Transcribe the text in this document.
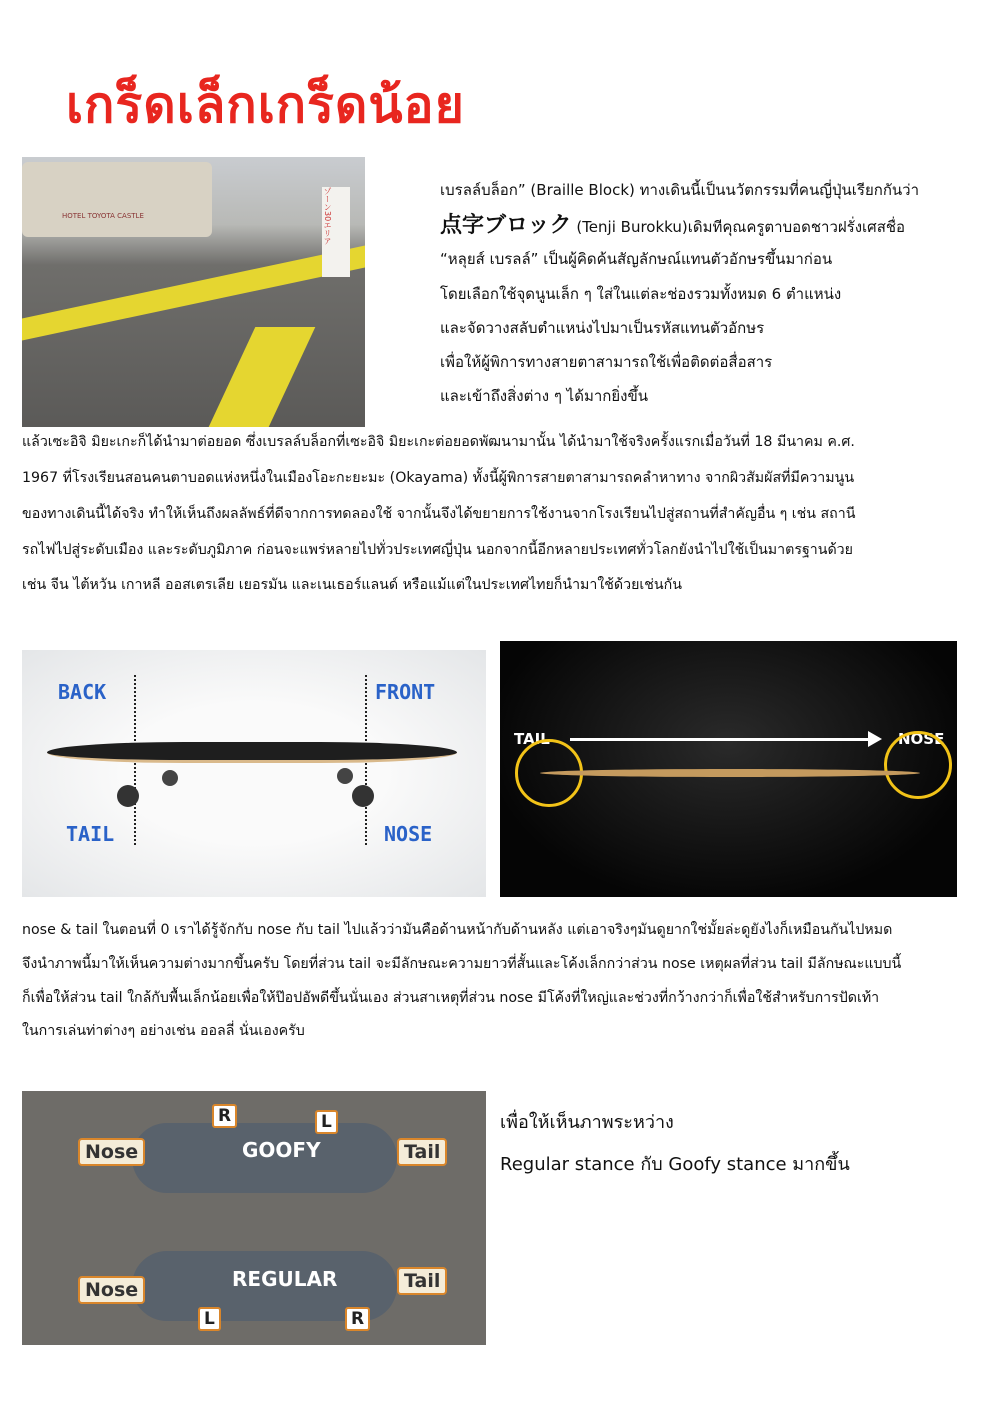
เกร็ดเล็กเกร็ดน้อย
HOTEL TOYOTA CASTLE	ゾーン30エリア	เบรลล์บล็อก” (Braille Block) ทางเดินนี้เป็นนวัตกรรมที่คนญี่ปุ่นเรียกกันว่า
点字ブロック (Tenji Burokku)เดิมทีคุณครูตาบอดชาวฝรั่งเศสชื่อ
“หลุยส์ เบรลล์” เป็นผู้คิดค้นสัญลักษณ์แทนตัวอักษรขึ้นมาก่อน
โดยเลือกใช้จุดนูนเล็ก ๆ ใส่ในแต่ละช่องรวมทั้งหมด 6 ตำแหน่ง
และจัดวางสลับตำแหน่งไปมาเป็นรหัสแทนตัวอักษร
เพื่อให้ผู้พิการทางสายตาสามารถใช้เพื่อติดต่อสื่อสาร
และเข้าถึงสิ่งต่าง ๆ ได้มากยิ่งขึ้น
แล้วเซะอิจิ มิยะเกะก็ได้นำมาต่อยอด ซึ่งเบรลล์บล็อกที่เซะอิจิ มิยะเกะต่อยอดพัฒนามานั้น ได้นำมาใช้จริงครั้งแรกเมื่อวันที่ 18 มีนาคม ค.ศ.
1967 ที่โรงเรียนสอนคนตาบอดแห่งหนึ่งในเมืองโอะกะยะมะ (Okayama) ทั้งนี้ผู้พิการสายตาสามารถคลำหาทาง จากผิวสัมผัสที่มีความนูน
ของทางเดินนี้ได้จริง ทำให้เห็นถึงผลลัพธ์ที่ดีจากการทดลองใช้ จากนั้นจึงได้ขยายการใช้งานจากโรงเรียนไปสู่สถานที่สำคัญอื่น ๆ เช่น สถานี
รถไฟไปสู่ระดับเมือง และระดับภูมิภาค ก่อนจะแพร่หลายไปทั่วประเทศญี่ปุ่น นอกจากนี้อีกหลายประเทศทั่วโลกยังนำไปใช้เป็นมาตรฐานด้วย
เช่น จีน ไต้หวัน เกาหลี ออสเตรเลีย เยอรมัน และเนเธอร์แลนด์ หรือแม้แต่ในประเทศไทยก็นำมาใช้ด้วยเช่นกัน
BACK	FRONT
TAIL	NOSE
TAIL	NOSE
nose & tail ในตอนที่ 0 เราได้รู้จักกับ nose กับ tail ไปแล้วว่ามันคือด้านหน้ากับด้านหลัง แต่เอาจริงๆมันดูยากใช่มั้ยล่ะดูยังไงก็เหมือนกันไปหมด
จึงนำภาพนี้มาให้เห็นความต่างมากขึ้นครับ โดยที่ส่วน tail จะมีลักษณะความยาวที่สั้นและโค้งเล็กกว่าส่วน nose เหตุผลที่ส่วน tail มีลักษณะแบบนี้
ก็เพื่อให้ส่วน tail ใกล้กับพื้นเล็กน้อยเพื่อให้ป๊อปอัพดีขึ้นนั่นเอง ส่วนสาเหตุที่ส่วน nose มีโค้งที่ใหญ่และช่วงที่กว้างกว่าก็เพื่อใช้สำหรับการปัดเท้า
ในการเล่นท่าต่างๆ อย่างเช่น ออลลี่ นั่นเองครับ
GOOFY
REGULAR
Nose	Tail
Nose	Tail
R	L
L	R
เพื่อให้เห็นภาพระหว่าง
Regular stance กับ Goofy stance มากขึ้น
